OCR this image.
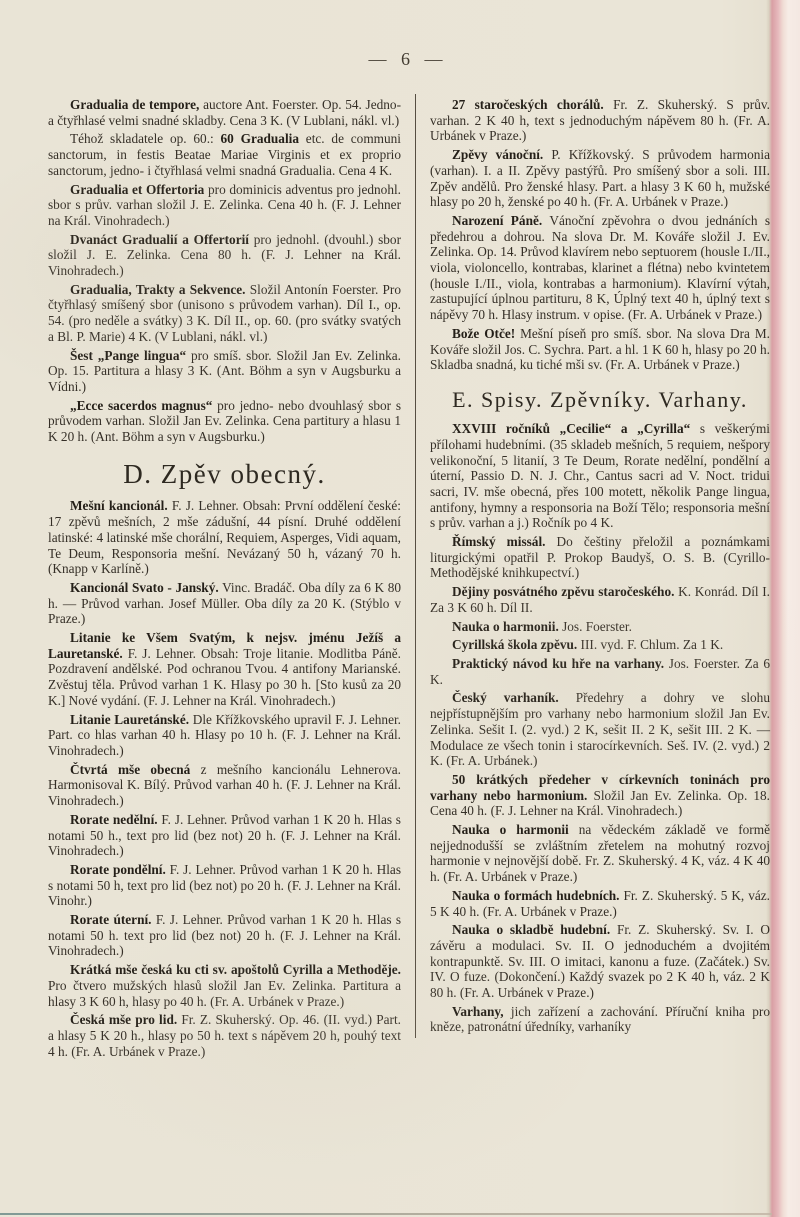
— 6 —

Gradualia de tempore, auctore Ant. Foerster. Op. 54. Jedno- a čtyřhlasé velmi snadné skladby. Cena 3 K. (V Lublani, nákl. vl.)

Téhož skladatele op. 60.: 60 Gradualia etc. de communi sanctorum, in festis Beatae Mariae Virginis et ex proprio sanctorum, jedno- i čtyřhlasá velmi snadná Gradualia. Cena 4 K.

Gradualia et Offertoria pro dominicis adventus pro jednohl. sbor s prův. varhan složil J. E. Zelinka. Cena 40 h. (F. J. Lehner na Král. Vinohradech.)

Dvanáct Gradualií a Offertorií pro jednohl. (dvouhl.) sbor složil J. E. Zelinka. Cena 80 h. (F. J. Lehner na Král. Vinohradech.)

Gradualia, Trakty a Sekvence. Složil Antonín Foerster. Pro čtyřhlasý smíšený sbor (unisono s průvodem varhan). Díl I., op. 54. (pro neděle a svátky) 3 K. Díl II., op. 60. (pro svátky svatých a Bl. P. Marie) 4 K. (V Lublani, nákl. vl.)

Šest „Pange lingua“ pro smíš. sbor. Složil Jan Ev. Zelinka. Op. 15. Partitura a hlasy 3 K. (Ant. Böhm a syn v Augsburku a Vídni.)

„Ecce sacerdos magnus“ pro jedno- nebo dvouhlasý sbor s průvodem varhan. Složil Jan Ev. Zelinka. Cena partitury a hlasu 1 K 20 h. (Ant. Böhm a syn v Augsburku.)

D. Zpěv obecný.

Mešní kancionál. F. J. Lehner. Obsah: První oddělení české: 17 zpěvů mešních, 2 mše zádušní, 44 písní. Druhé oddělení latinské: 4 latinské mše chorální, Requiem, Asperges, Vidi aquam, Te Deum, Responsoria mešní. Nevázaný 50 h, vázaný 70 h. (Knapp v Karlíně.)

Kancionál Svato - Janský. Vinc. Bradáč. Oba díly za 6 K 80 h. — Průvod varhan. Josef Müller. Oba díly za 20 K. (Stýblo v Praze.)

Litanie ke Všem Svatým, k nejsv. jménu Ježíš a Lauretanské. F. J. Lehner. Obsah: Troje litanie. Modlitba Páně. Pozdravení andělské. Pod ochranou Tvou. 4 antifony Marianské. Zvěstuj těla. Průvod varhan 1 K. Hlasy po 30 h. [Sto kusů za 20 K.] Nové vydání. (F. J. Lehner na Král. Vinohradech.)

Litanie Lauretánské. Dle Křížkovského upravil F. J. Lehner. Part. co hlas varhan 40 h. Hlasy po 10 h. (F. J. Lehner na Král. Vinohradech.)

Čtvrtá mše obecná z mešního kancionálu Lehnerova. Harmonisoval K. Bílý. Průvod varhan 40 h. (F. J. Lehner na Král. Vinohradech.)

Rorate nedělní. F. J. Lehner. Průvod varhan 1 K 20 h. Hlas s notami 50 h., text pro lid (bez not) 20 h. (F. J. Lehner na Král. Vinohradech.)

Rorate pondělní. F. J. Lehner. Průvod varhan 1 K 20 h. Hlas s notami 50 h, text pro lid (bez not) po 20 h. (F. J. Lehner na Král. Vinohr.)

Rorate úterní. F. J. Lehner. Průvod varhan 1 K 20 h. Hlas s notami 50 h. text pro lid (bez not) 20 h. (F. J. Lehner na Král. Vinohradech.)

Krátká mše česká ku cti sv. apoštolů Cyrilla a Methoděje. Pro čtvero mužských hlasů složil Jan Ev. Zelinka. Partitura a hlasy 3 K 60 h, hlasy po 40 h. (Fr. A. Urbánek v Praze.)

Česká mše pro lid. Fr. Z. Skuherský. Op. 46. (II. vyd.) Part. a hlasy 5 K 20 h., hlasy po 50 h. text s nápěvem 20 h, pouhý text 4 h. (Fr. A. Urbánek v Praze.)

27 staročeských chorálů. Fr. Z. Skuherský. S prův. varhan. 2 K 40 h, text s jednoduchým nápěvem 80 h. (Fr. A. Urbánek v Praze.)

Zpěvy vánoční. P. Křížkovský. S průvodem harmonia (varhan). I. a II. Zpěvy pastýřů. Pro smíšený sbor a soli. III. Zpěv andělů. Pro ženské hlasy. Part. a hlasy 3 K 60 h, mužské hlasy po 20 h, ženské po 40 h. (Fr. A. Urbánek v Praze.)

Narození Páně. Vánoční zpěvohra o dvou jednáních s předehrou a dohrou. Na slova Dr. M. Kováře složil J. Ev. Zelinka. Op. 14. Průvod klavírem nebo septuorem (housle I./II., viola, violoncello, kontrabas, klarinet a flétna) nebo kvintetem (housle I./II., viola, kontrabas a harmonium). Klavírní výtah, zastupující úplnou partituru, 8 K, Úplný text 40 h, úplný text s nápěvy 70 h. Hlasy instrum. v opise. (Fr. A. Urbánek v Praze.)

Bože Otče! Mešní píseň pro smíš. sbor. Na slova Dra M. Kováře složil Jos. C. Sychra. Part. a hl. 1 K 60 h, hlasy po 20 h. Skladba snadná, ku tiché mši sv. (Fr. A. Urbánek v Praze.)

E. Spisy. Zpěvníky. Varhany.

XXVIII ročníků „Cecilie“ a „Cyrilla“ s veškerými přílohami hudebními. (35 skladeb mešních, 5 requiem, nešpory velikonoční, 5 litanií, 3 Te Deum, Rorate nedělní, pondělní a úterní, Passio D. N. J. Chr., Cantus sacri ad V. Noct. tridui sacri, IV. mše obecná, přes 100 motett, několik Pange lingua, antifony, hymny a responsoria na Boží Tělo; responsoria mešní s prův. varhan a j.) Ročník po 4 K.

Římský missál. Do češtiny přeložil a poznámkami liturgickými opatřil P. Prokop Baudyš, O. S. B. (Cyrillo-Methodějské knihkupectví.)

Dějiny posvátného zpěvu staročeského. K. Konrád. Díl I. Za 3 K 60 h. Díl II.

Nauka o harmonii. Jos. Foerster.

Cyrillská škola zpěvu. III. vyd. F. Chlum. Za 1 K.

Praktický návod ku hře na varhany. Jos. Foerster. Za 6 K.

Český varhaník. Předehry a dohry ve slohu nejpřístupnějším pro varhany nebo harmonium složil Jan Ev. Zelinka. Sešit I. (2. vyd.) 2 K, sešit II. 2 K, sešit III. 2 K. — Modulace ze všech tonin i starocírkevních. Seš. IV. (2. vyd.) 2 K. (Fr. A. Urbánek.)

50 krátkých předeher v církevních toninách pro varhany nebo harmonium. Složil Jan Ev. Zelinka. Op. 18. Cena 40 h. (F. J. Lehner na Král. Vinohradech.)

Nauka o harmonii na vědeckém základě ve formě nejjednodušší se zvláštním zřetelem na mohutný rozvoj harmonie v nejnovější době. Fr. Z. Skuherský. 4 K, váz. 4 K 40 h. (Fr. A. Urbánek v Praze.)

Nauka o formách hudebních. Fr. Z. Skuherský. 5 K, váz. 5 K 40 h. (Fr. A. Urbánek v Praze.)

Nauka o skladbě hudební. Fr. Z. Skuherský. Sv. I. O závěru a modulaci. Sv. II. O jednoduchém a dvojitém kontrapunktě. Sv. III. O imitaci, kanonu a fuze. (Začátek.) Sv. IV. O fuze. (Dokončení.) Každý svazek po 2 K 40 h, váz. 2 K 80 h. (Fr. A. Urbánek v Praze.)

Varhany, jich zařízení a zachování. Příruční kniha pro kněze, patronátní úředníky, varhaníky
